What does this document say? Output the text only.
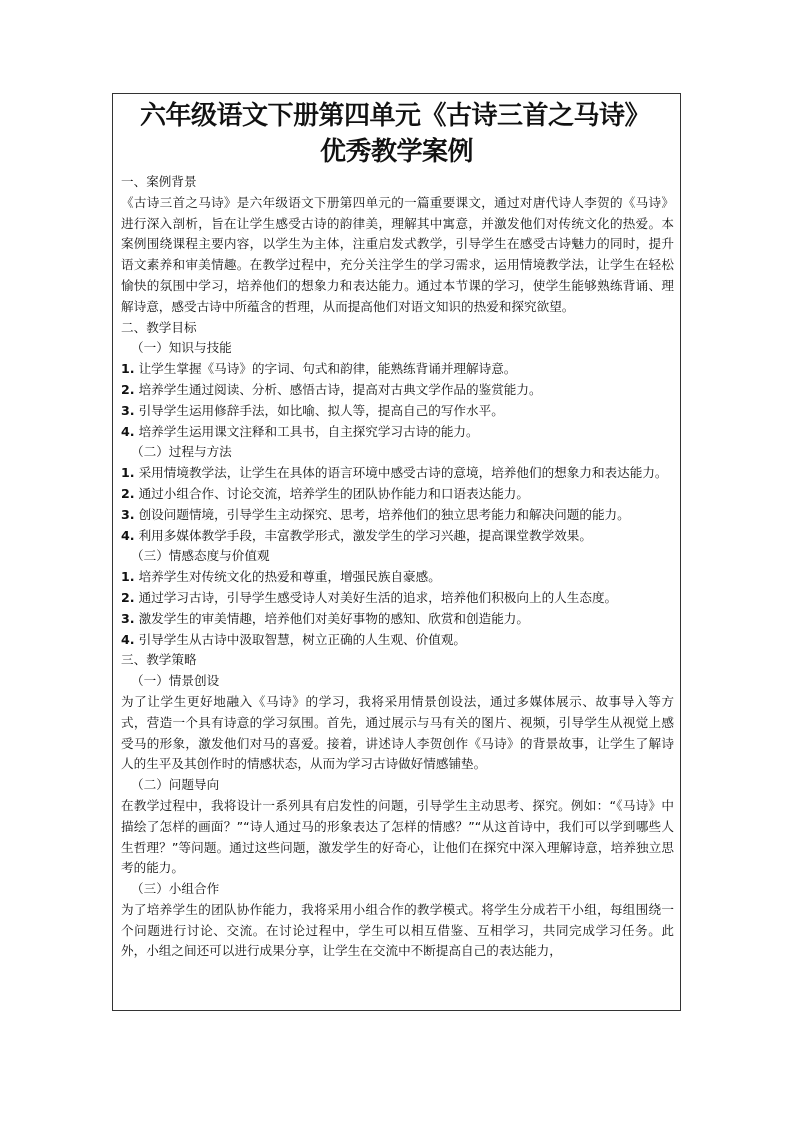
六年级语文下册第四单元《古诗三首之马诗》
优秀教学案例

一、案例背景

《古诗三首之马诗》是六年级语文下册第四单元的一篇重要课文，通过对唐代诗人李贺的《马诗》进行深入剖析，旨在让学生感受古诗的韵律美，理解其中寓意，并激发他们对传统文化的热爱。本案例围绕课程主要内容，以学生为主体，注重启发式教学，引导学生在感受古诗魅力的同时，提升语文素养和审美情趣。在教学过程中，充分关注学生的学习需求，运用情境教学法，让学生在轻松愉快的氛围中学习，培养他们的想象力和表达能力。通过本节课的学习，使学生能够熟练背诵、理解诗意，感受古诗中所蕴含的哲理，从而提高他们对语文知识的热爱和探究欲望。

二、教学目标

（一）知识与技能

1. 让学生掌握《马诗》的字词、句式和韵律，能熟练背诵并理解诗意。

2. 培养学生通过阅读、分析、感悟古诗，提高对古典文学作品的鉴赏能力。

3. 引导学生运用修辞手法，如比喻、拟人等，提高自己的写作水平。

4. 培养学生运用课文注释和工具书，自主探究学习古诗的能力。

（二）过程与方法

1. 采用情境教学法，让学生在具体的语言环境中感受古诗的意境，培养他们的想象力和表达能力。

2. 通过小组合作、讨论交流，培养学生的团队协作能力和口语表达能力。

3. 创设问题情境，引导学生主动探究、思考，培养他们的独立思考能力和解决问题的能力。

4. 利用多媒体教学手段，丰富教学形式，激发学生的学习兴趣，提高课堂教学效果。

（三）情感态度与价值观

1. 培养学生对传统文化的热爱和尊重，增强民族自豪感。

2. 通过学习古诗，引导学生感受诗人对美好生活的追求，培养他们积极向上的人生态度。

3. 激发学生的审美情趣，培养他们对美好事物的感知、欣赏和创造能力。

4. 引导学生从古诗中汲取智慧，树立正确的人生观、价值观。

三、教学策略

（一）情景创设

为了让学生更好地融入《马诗》的学习，我将采用情景创设法，通过多媒体展示、故事导入等方式，营造一个具有诗意的学习氛围。首先，通过展示与马有关的图片、视频，引导学生从视觉上感受马的形象，激发他们对马的喜爱。接着，讲述诗人李贺创作《马诗》的背景故事，让学生了解诗人的生平及其创作时的情感状态，从而为学习古诗做好情感铺垫。

（二）问题导向

在教学过程中，我将设计一系列具有启发性的问题，引导学生主动思考、探究。例如：“《马诗》中描绘了怎样的画面？”“诗人通过马的形象表达了怎样的情感？”“从这首诗中，我们可以学到哪些人生哲理？”等问题。通过这些问题，激发学生的好奇心，让他们在探究中深入理解诗意，培养独立思考的能力。

（三）小组合作

为了培养学生的团队协作能力，我将采用小组合作的教学模式。将学生分成若干小组，每组围绕一个问题进行讨论、交流。在讨论过程中，学生可以相互借鉴、互相学习，共同完成学习任务。此外，小组之间还可以进行成果分享，让学生在交流中不断提高自己的表达能力，
